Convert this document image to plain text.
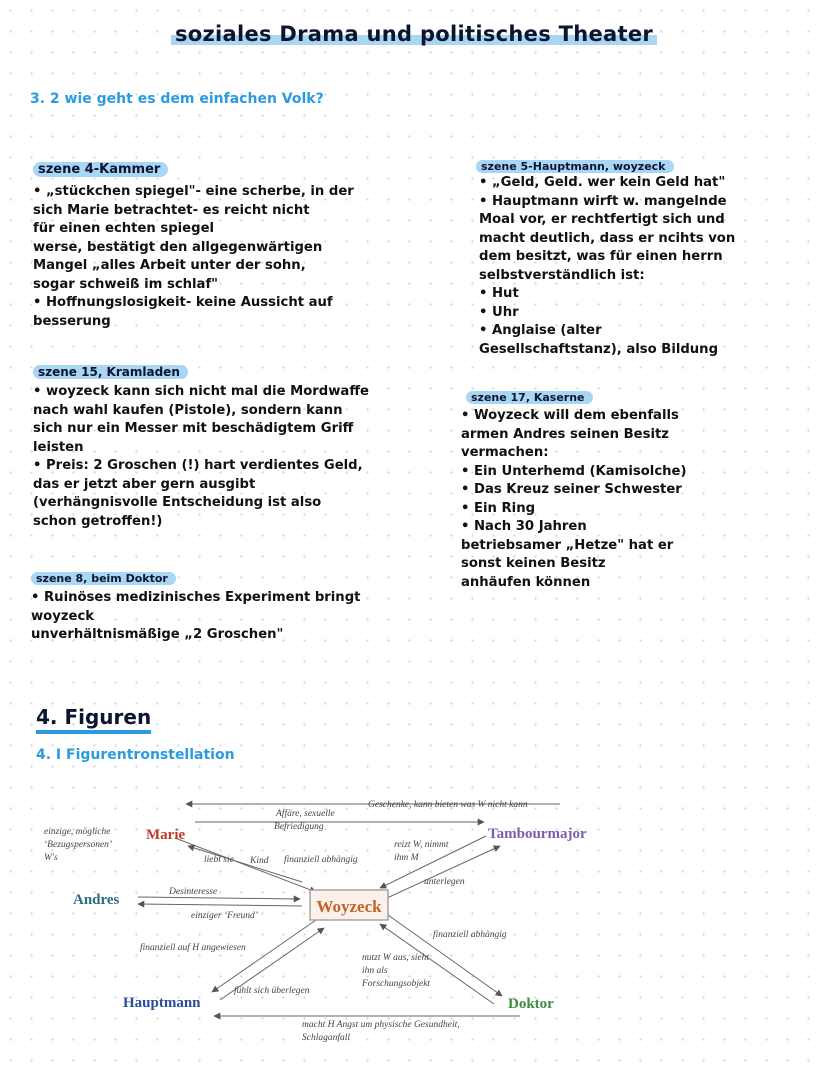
soziales Drama und politisches Theater
3. 2 wie geht es dem einfachen Volk?
szene 4-Kammer

• „stückchen spiegel"- eine scherbe, in der

sich Marie betrachtet- es reicht nicht

für einen echten spiegel

werse, bestätigt den allgegenwärtigen

Mangel „alles Arbeit unter der sohn,

sogar schweiß im schlaf"

• Hoffnungslosigkeit- keine Aussicht auf

besserung

szene 15, Kramladen

• woyzeck kann sich nicht mal die Mordwaffe

nach wahl kaufen (Pistole), sondern kann

sich nur ein Messer mit beschädigtem Griff

leisten

• Preis: 2 Groschen (!) hart verdientes Geld,

das er jetzt aber gern ausgibt

(verhängnisvolle Entscheidung ist also

schon getroffen!)

szene 8, beim Doktor

• Ruinöses medizinisches Experiment bringt

woyzeck

unverhältnismäßige „2 Groschen"

szene 5-Hauptmann, woyzeck

• „Geld, Geld. wer kein Geld hat"

• Hauptmann wirft w. mangelnde

Moal vor, er rechtfertigt sich und

macht deutlich, dass er ncihts von

dem besitzt, was für einen herrn

selbstverständlich ist:

• Hut

• Uhr

• Anglaise (alter

Gesellschaftstanz), also Bildung

szene 17, Kaserne

• Woyzeck will dem ebenfalls

armen Andres seinen Besitz

vermachen:

• Ein Unterhemd (Kamisolche)

• Das Kreuz seiner Schwester

• Ein Ring

• Nach 30 Jahren

betriebsamer „Hetze" hat er

sonst keinen Besitz

anhäufen können

4. Figuren
4. I Figurentronstellation
Woyzeck
Marie	Tambourmajor
Andres
Hauptmann	Doktor
Geschenke, kann bieten was W nicht kann
Affäre, sexuelle
Befriedigung
einzige, mögliche
‘Bezugspersonen’
W's	liebt sie Kind finanziell abhängig
reizt W, nimmt
ihm M
unterlegen
Desinteresse
einziger ‘Freund’
finanziell abhängig
finanziell auf H angewiesen
nutzt W aus, sieht
ihn als
Forschungsobjekt
fühlt sich überlegen
macht H Angst um physische Gesundheit,
Schlaganfall
